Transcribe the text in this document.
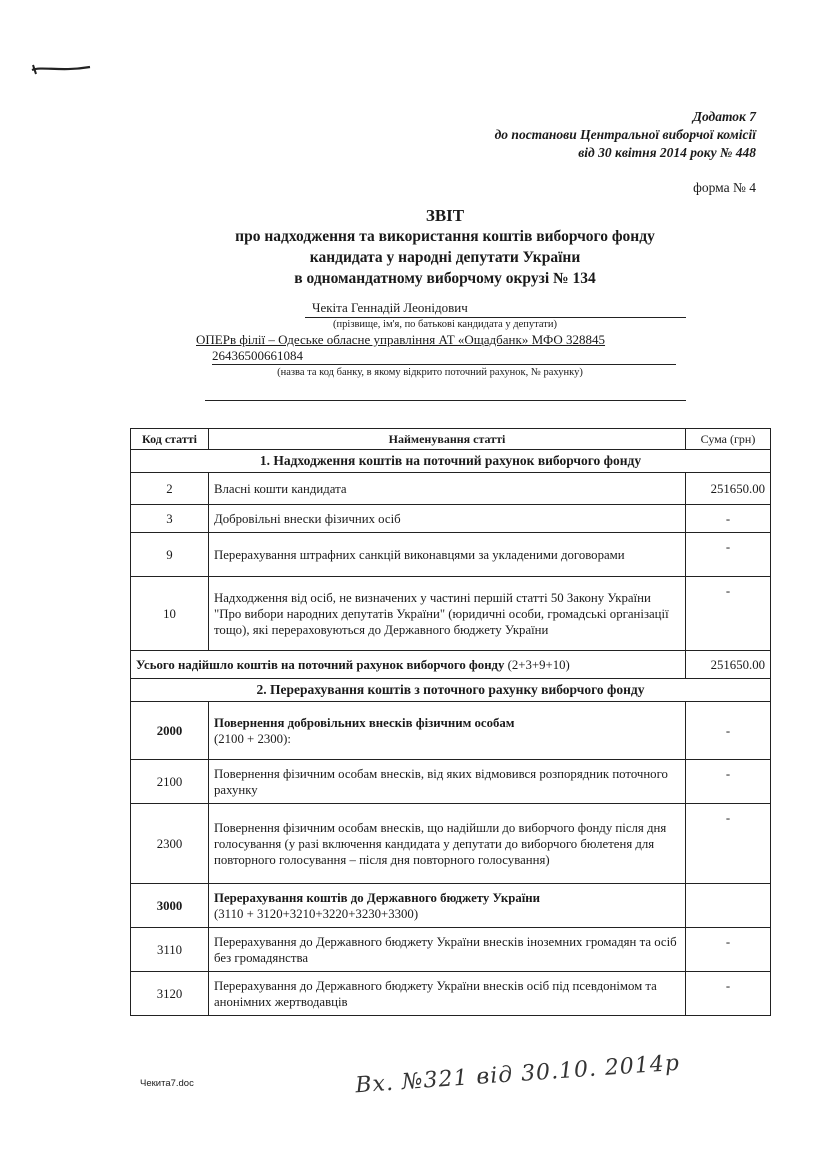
Додаток 7
до постанови Центральної виборчої комісії
від 30 квітня 2014 року № 448
форма № 4
ЗВІТ
про надходження та використання коштів виборчого фонду
кандидата у народні депутати України
в одномандатному виборчому окрузі № 134
Чекіта Геннадій Леонідович
(прізвище, ім'я, по батькові кандидата у депутати)
ОПЕРв філії – Одеське обласне управління АТ «Ощадбанк» МФО 328845
26436500661084
(назва та код банку, в якому відкрито поточний рахунок, № рахунку)
Код статті	Найменування статті	Сума (грн)
1. Надходження коштів на поточний рахунок виборчого фонду		
2	Власні кошти кандидата	251650.00
3	Добровільні внески фізичних осіб	-
9	Перерахування штрафних санкцій виконавцями за укладеними договорами	-
10	Надходження від осіб, не визначених у частині першій статті 50 Закону України "Про вибори народних депутатів України" (юридичні особи, громадські організації тощо), які перераховуються до Державного бюджету України	-
Усього надійшло коштів на поточний рахунок виборчого фонду (2+3+9+10)		251650.00
2. Перерахування коштів з поточного рахунку виборчого фонду		
2000	Повернення добровільних внесків фізичним особам
(2100 + 2300):	-
2100	Повернення фізичним особам внесків, від яких відмовився розпорядник поточного рахунку	-
2300	Повернення фізичним особам внесків, що надійшли до виборчого фонду після дня голосування (у разі включення кандидата у депутати до виборчого бюлетеня для повторного голосування – після дня повторного голосування)	-
3000	Перерахування коштів до Державного бюджету України
(3110 + 3120+3210+3220+3230+3300)	
3110	Перерахування до Державного бюджету України внесків іноземних громадян та осіб без громадянства	-
3120	Перерахування до Державного бюджету України внесків осіб під псевдонімом та анонімних жертводавців	-
Чекита7.doc	Вх. №321 від 30.10. 2014р
